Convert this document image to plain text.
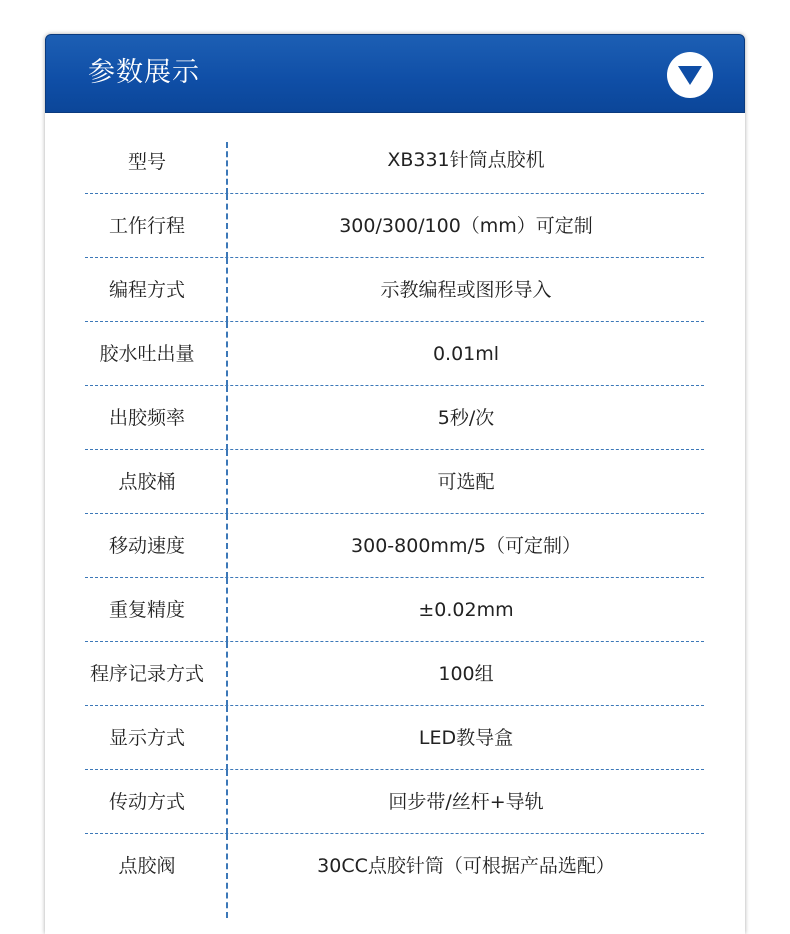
参数展示
型号	XB331针筒点胶机
工作行程	300/300/100（mm）可定制
编程方式	示教编程或图形导入
胶水吐出量	0.01ml
出胶频率	5秒/次
点胶桶	可选配
移动速度	300-800mm/5（可定制）
重复精度	±0.02mm
程序记录方式	100组
显示方式	LED教导盒
传动方式	回步带/丝杆+导轨
点胶阀	30CC点胶针筒（可根据产品选配）
